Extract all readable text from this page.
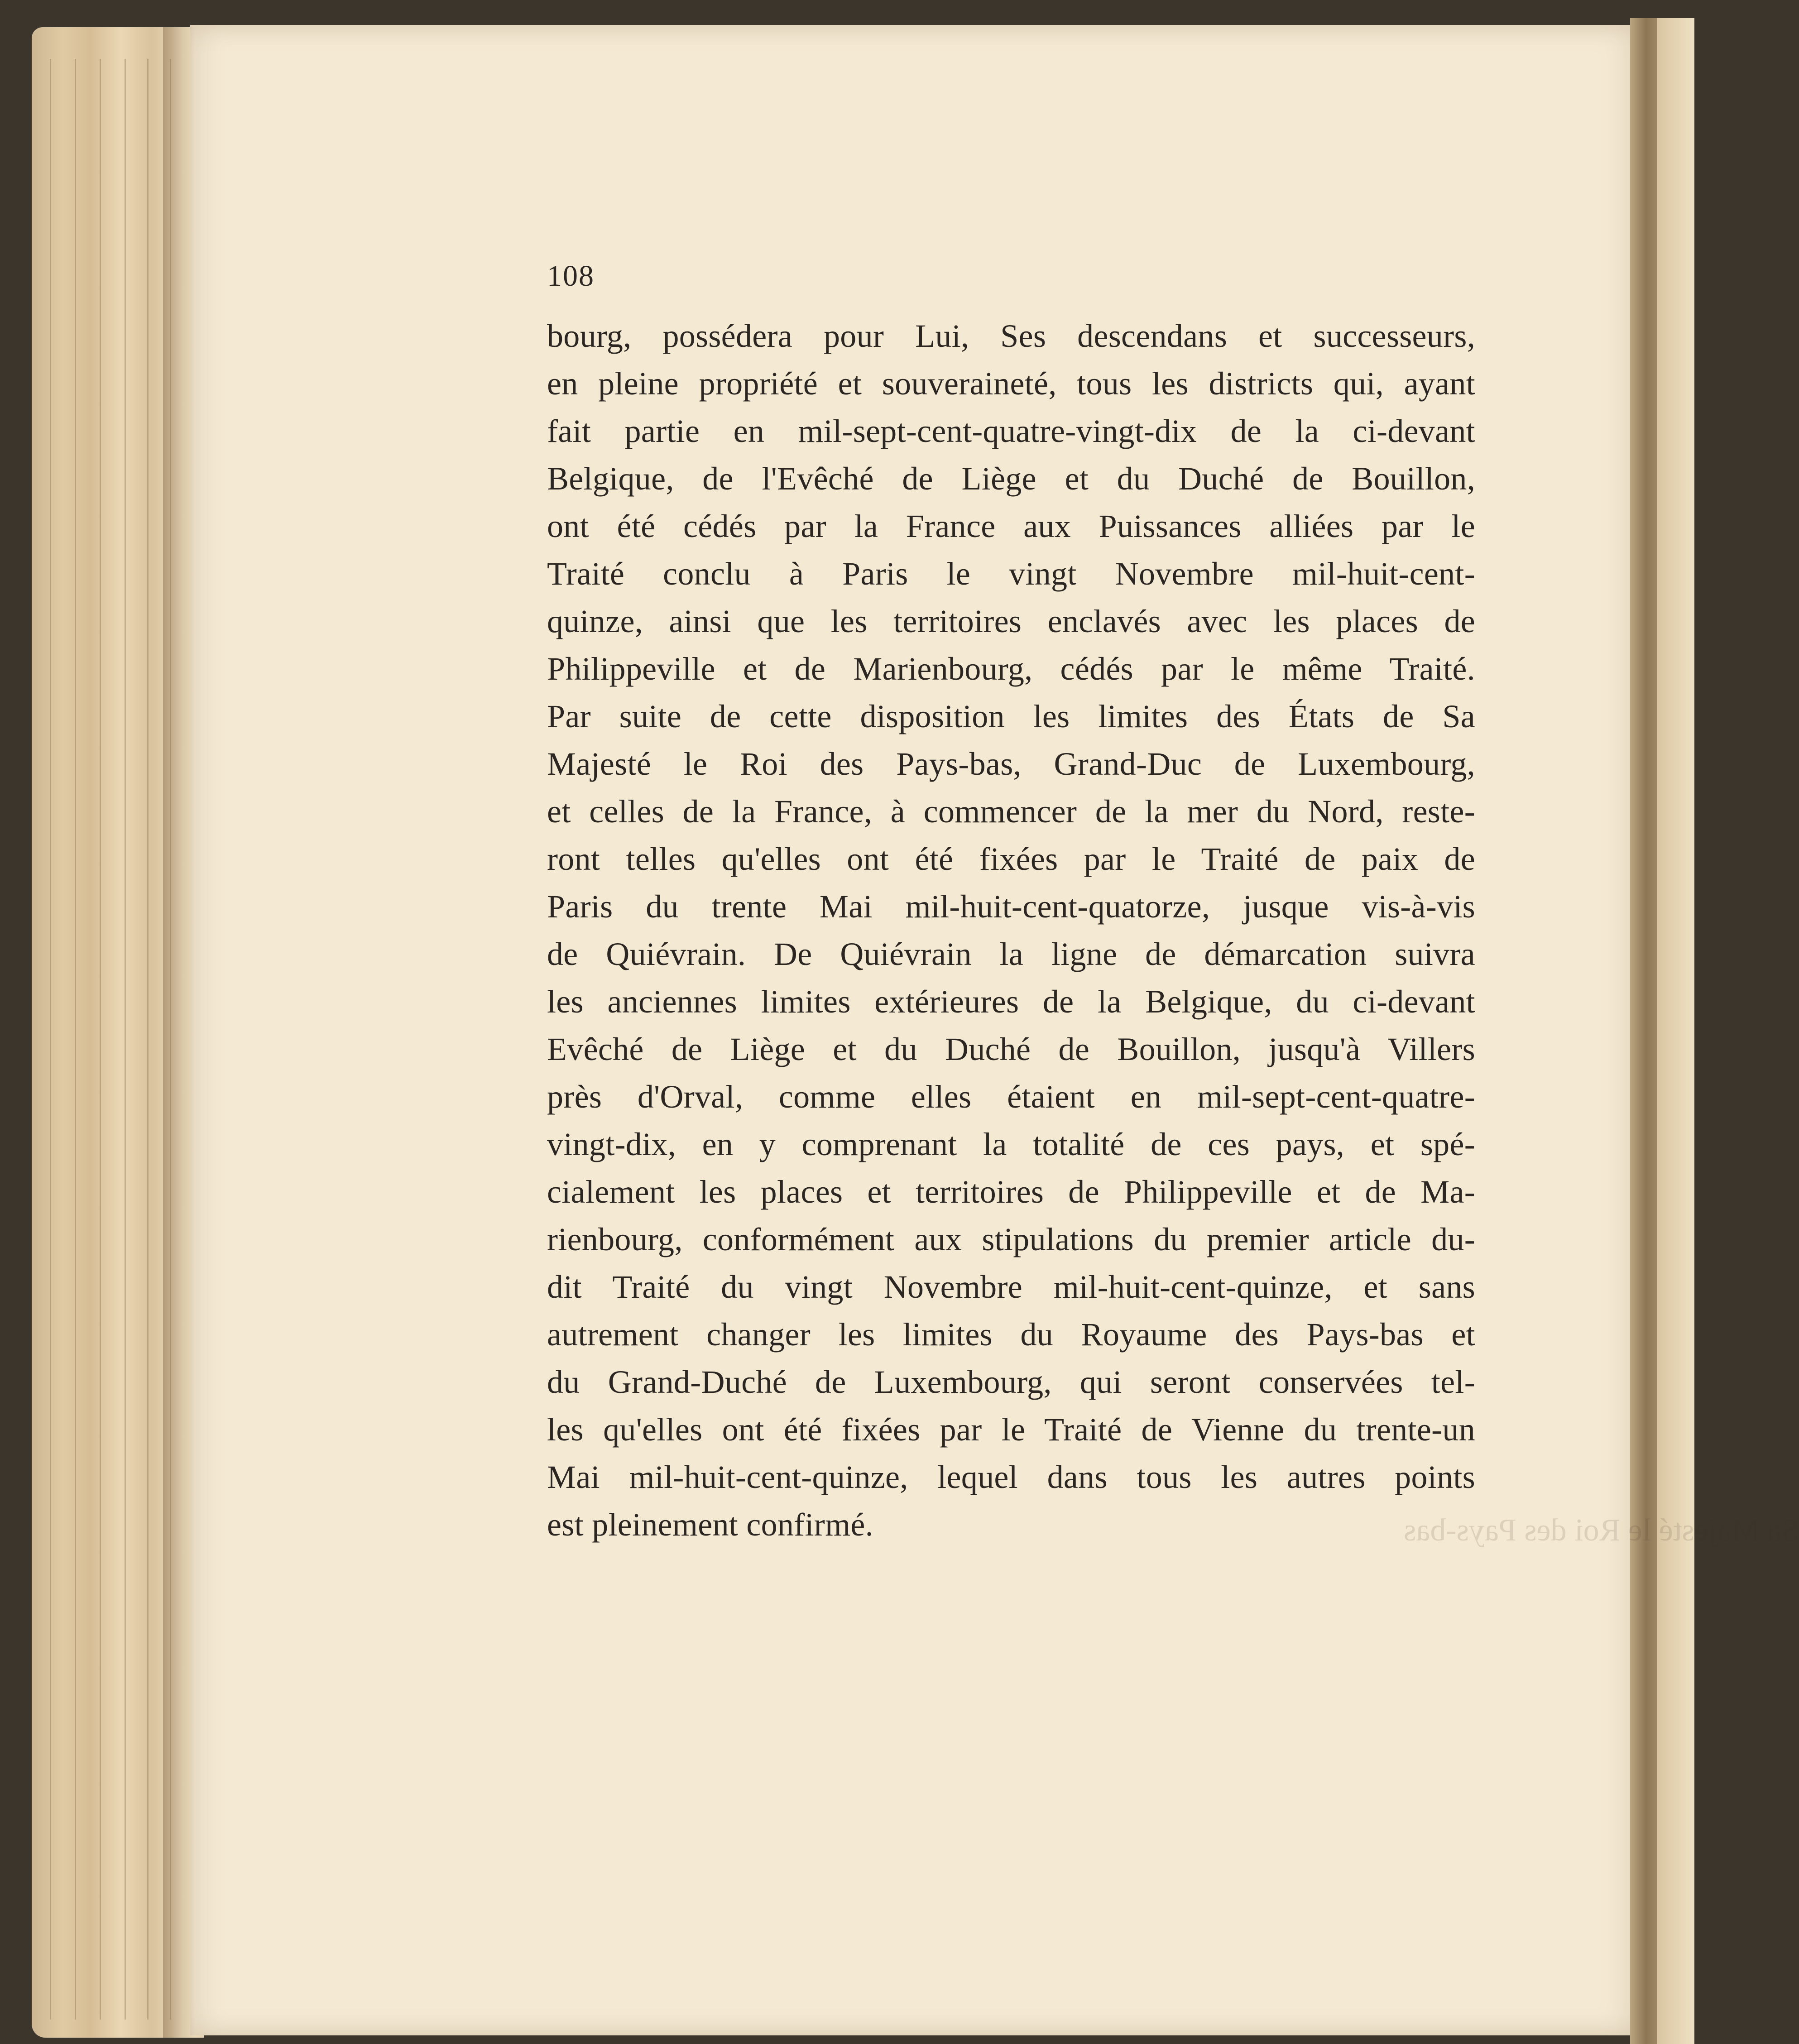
Sa Majesté le Roi des Pays-bas
108
bourg, possédera pour Lui, Ses descendans et successeurs,
en pleine propriété et souveraineté, tous les districts qui, ayant
fait partie en mil-sept-cent-quatre-vingt-dix de la ci-devant
Belgique, de l'Evêché de Liège et du Duché de Bouillon,
ont été cédés par la France aux Puissances alliées par le
Traité conclu à Paris le vingt Novembre mil-huit-cent-
quinze, ainsi que les territoires enclavés avec les places de
Philippeville et de Marienbourg, cédés par le même Traité.
Par suite de cette disposition les limites des États de Sa
Majesté le Roi des Pays-bas, Grand-Duc de Luxembourg,
et celles de la France, à commencer de la mer du Nord, reste-
ront telles qu'elles ont été fixées par le Traité de paix de
Paris du trente Mai mil-huit-cent-quatorze, jusque vis-à-vis
de Quiévrain. De Quiévrain la ligne de démarcation suivra
les anciennes limites extérieures de la Belgique, du ci-devant
Evêché de Liège et du Duché de Bouillon, jusqu'à Villers
près d'Orval, comme elles étaient en mil-sept-cent-quatre-
vingt-dix, en y comprenant la totalité de ces pays, et spé-
cialement les places et territoires de Philippeville et de Ma-
rienbourg, conformément aux stipulations du premier article du-
dit Traité du vingt Novembre mil-huit-cent-quinze, et sans
autrement changer les limites du Royaume des Pays-bas et
du Grand-Duché de Luxembourg, qui seront conservées tel-
les qu'elles ont été fixées par le Traité de Vienne du trente-un
Mai mil-huit-cent-quinze, lequel dans tous les autres points
est pleinement confirmé.
